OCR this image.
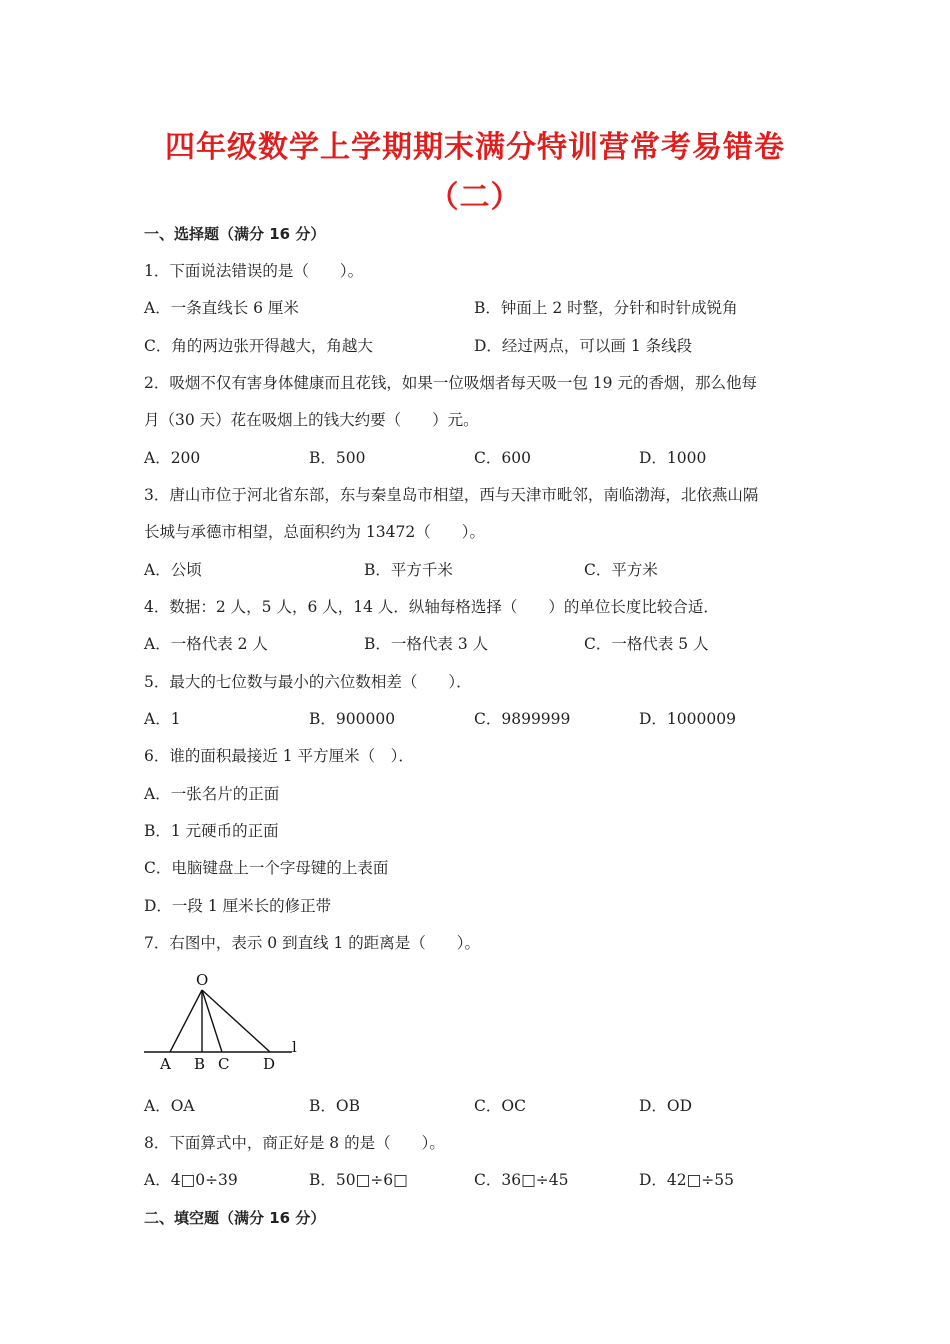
四年级数学上学期期末满分特训营常考易错卷
（二）
一、选择题（满分 16 分）
1．下面说法错误的是（　　）。
A．一条直线长 6 厘米	B．钟面上 2 时整，分针和时针成锐角
C．角的两边张开得越大，角越大	D．经过两点，可以画 1 条线段
2．吸烟不仅有害身体健康而且花钱，如果一位吸烟者每天吸一包 19 元的香烟，那么他每
月（30 天）花在吸烟上的钱大约要（　　）元。
A．200	B．500	C．600	D．1000
3．唐山市位于河北省东部，东与秦皇岛市相望，西与天津市毗邻，南临渤海，北依燕山隔
长城与承德市相望，总面积约为 13472（　　）。
A．公顷	B．平方千米	C．平方米
4．数据：2 人，5 人，6 人，14 人．纵轴每格选择（　　）的单位长度比较合适．
A．一格代表 2 人	B．一格代表 3 人	C．一格代表 5 人
5．最大的七位数与最小的六位数相差（　　）．
A．1	B．900000	C．9899999	D．1000009
6．谁的面积最接近 1 平方厘米（　）．
A．一张名片的正面
B．1 元硬币的正面
C．电脑键盘上一个字母键的上表面
D．一段 1 厘米长的修正带
7．右图中，表示 0 到直线 1 的距离是（　　）。
O
l
A B C D
A．OA	B．OB	C．OC	D．OD
8．下面算式中，商正好是 8 的是（　　）。
A．4□0÷39	B．50□÷6□	C．36□÷45	D．42□÷55
二、填空题（满分 16 分）
